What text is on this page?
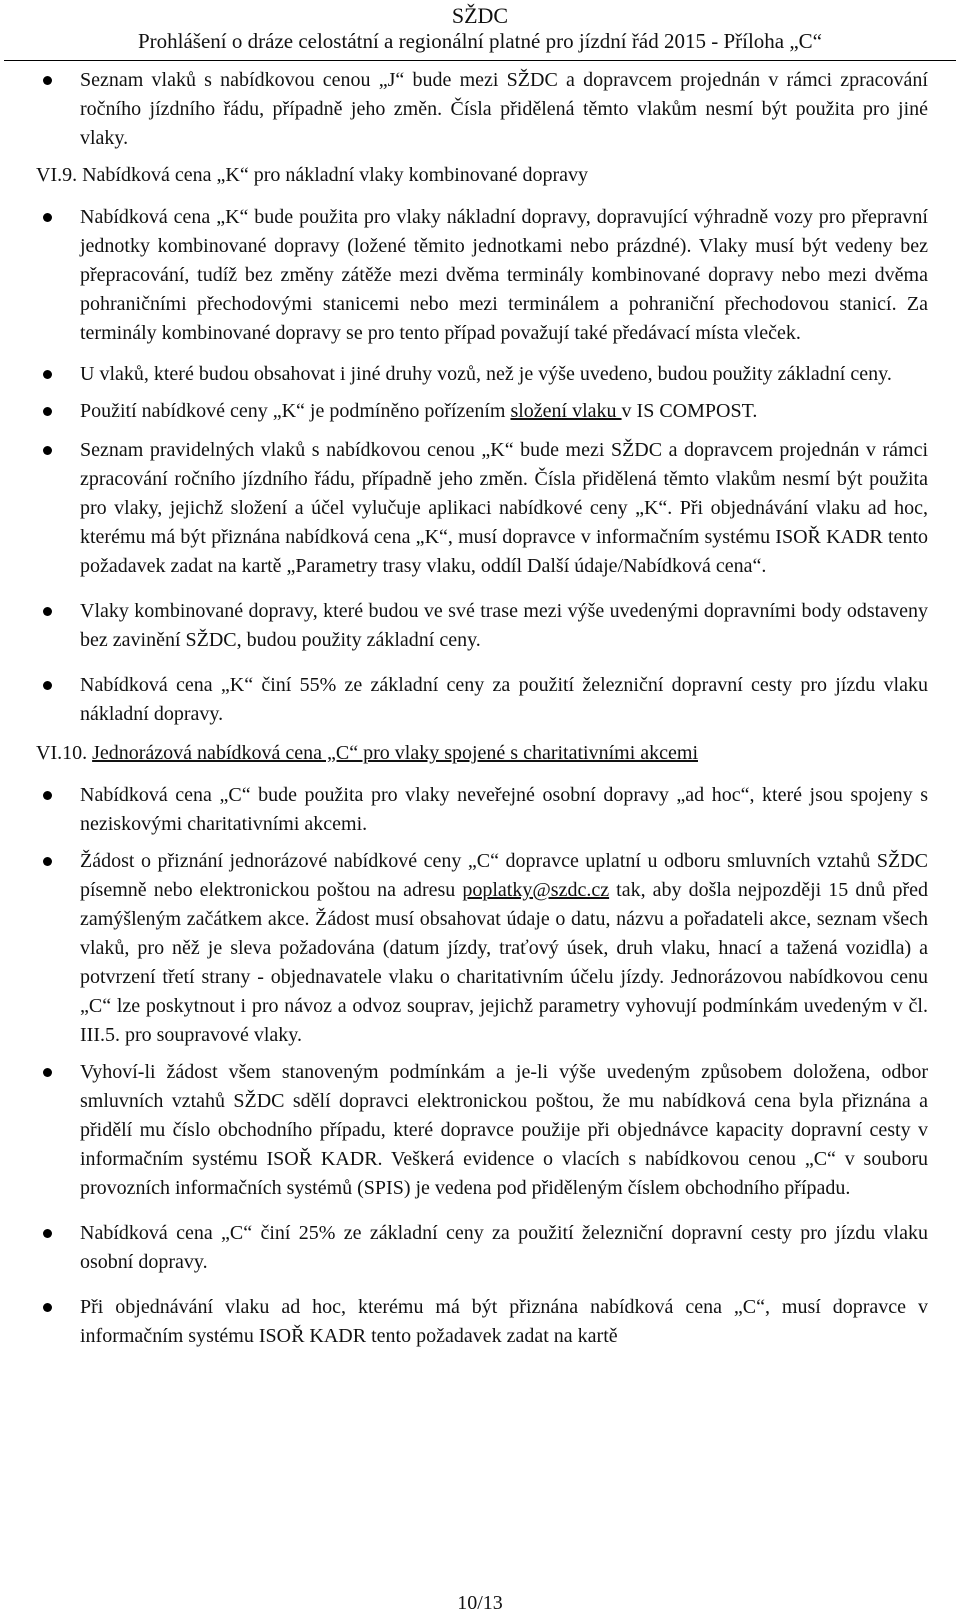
SŽDC
Prohlášení o dráze celostátní a regionální platné pro jízdní řád 2015 - Příloha „C“
Seznam vlaků s nabídkovou cenou „J“ bude mezi SŽDC a dopravcem projednán v rámci zpracování ročního jízdního řádu, případně jeho změn. Čísla přidělená těmto vlakům nesmí být použita pro jiné vlaky.
VI.9. Nabídková cena „K“ pro nákladní vlaky kombinované dopravy
Nabídková cena „K“ bude použita pro vlaky nákladní dopravy, dopravující výhradně vozy pro přepravní jednotky kombinované dopravy (ložené těmito jednotkami nebo prázdné). Vlaky musí být vedeny bez přepracování, tudíž bez změny zátěže mezi dvěma terminály kombinované dopravy nebo mezi dvěma pohraničními přechodovými stanicemi nebo mezi terminálem a pohraniční přechodovou stanicí. Za terminály kombinované dopravy se pro tento případ považují také předávací místa vleček.
U vlaků, které budou obsahovat i jiné druhy vozů, než je výše uvedeno, budou použity základní ceny.
Použití nabídkové ceny „K“ je podmíněno pořízením složení vlaku v IS COMPOST.
Seznam pravidelných vlaků s nabídkovou cenou „K“ bude mezi SŽDC a dopravcem projednán v rámci zpracování ročního jízdního řádu, případně jeho změn. Čísla přidělená těmto vlakům nesmí být použita pro vlaky, jejichž složení a účel vylučuje aplikaci nabídkové ceny „K“. Při objednávání vlaku ad hoc, kterému má být přiznána nabídková cena „K“, musí dopravce v informačním systému ISOŘ KADR tento požadavek zadat na kartě „Parametry trasy vlaku, oddíl Další údaje/Nabídková cena“.
Vlaky kombinované dopravy, které budou ve své trase mezi výše uvedenými dopravními body odstaveny bez zavinění SŽDC, budou použity základní ceny.
Nabídková cena „K“ činí 55% ze základní ceny za použití železniční dopravní cesty pro jízdu vlaku nákladní dopravy.
VI.10. Jednorázová nabídková cena „C“ pro vlaky spojené s charitativními akcemi
Nabídková cena „C“ bude použita pro vlaky neveřejné osobní dopravy „ad hoc“, které jsou spojeny s neziskovými charitativními akcemi.
Žádost o přiznání jednorázové nabídkové ceny „C“ dopravce uplatní u odboru smluvních vztahů SŽDC písemně nebo elektronickou poštou na adresu poplatky@szdc.cz tak, aby došla nejpozději 15 dnů před zamýšleným začátkem akce. Žádost musí obsahovat údaje o datu, názvu a pořadateli akce, seznam všech vlaků, pro něž je sleva požadována (datum jízdy, traťový úsek, druh vlaku, hnací a tažená vozidla) a potvrzení třetí strany - objednavatele vlaku o charitativním účelu jízdy. Jednorázovou nabídkovou cenu „C“ lze poskytnout i pro návoz a odvoz souprav, jejichž parametry vyhovují podmínkám uvedeným v čl. III.5. pro soupravové vlaky.
Vyhoví-li žádost všem stanoveným podmínkám a je-li výše uvedeným způsobem doložena, odbor smluvních vztahů SŽDC sdělí dopravci elektronickou poštou, že mu nabídková cena byla přiznána a přidělí mu číslo obchodního případu, které dopravce použije při objednávce kapacity dopravní cesty v informačním systému ISOŘ KADR. Veškerá evidence o vlacích s nabídkovou cenou „C“ v souboru provozních informačních systémů (SPIS) je vedena pod přiděleným číslem obchodního případu.
Nabídková cena „C“ činí 25% ze základní ceny za použití železniční dopravní cesty pro jízdu vlaku osobní dopravy.
Při objednávání vlaku ad hoc, kterému má být přiznána nabídková cena „C“, musí dopravce v informačním systému ISOŘ KADR tento požadavek zadat na kartě
10/13
